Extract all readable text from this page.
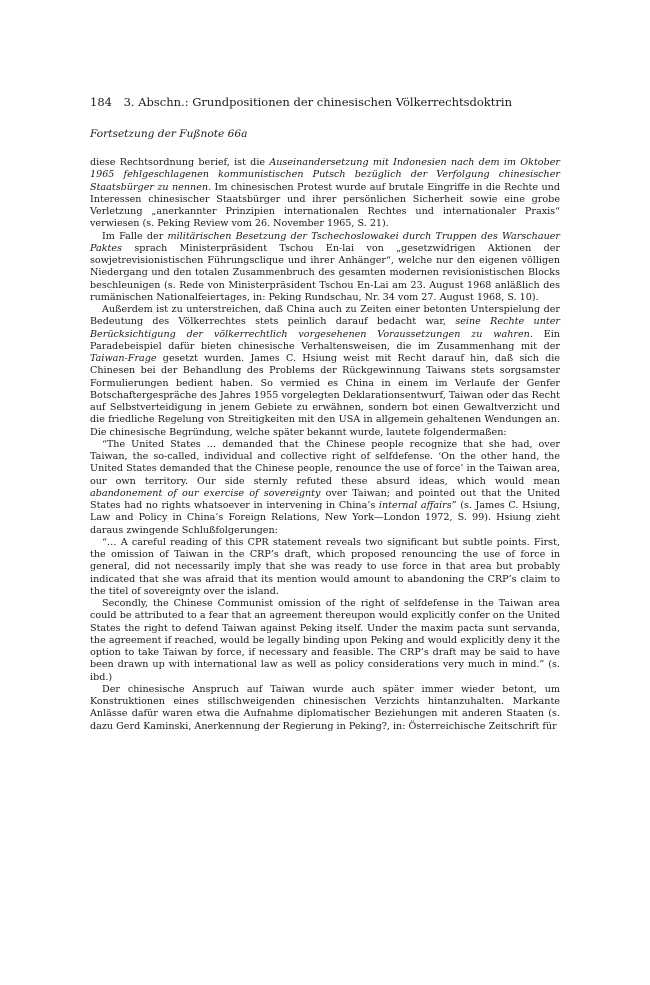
184 3. Abschn.: Grundpositionen der chinesischen Völkerrechtsdoktrin
Fortsetzung der Fußnote 66a

diese Rechtsordnung berief, ist die Auseinandersetzung mit Indonesien nach dem im Oktober 1965 fehlgeschlagenen kommunistischen Putsch bezüglich der Verfolgung chinesischer Staatsbürger zu nennen. Im chinesischen Protest wurde auf brutale Eingriffe in die Rechte und Interessen chinesischer Staatsbürger und ihrer persönlichen Sicherheit sowie eine grobe Verletzung „anerkannter Prinzipien internationalen Rechtes und internationaler Praxis“ verwiesen (s. Peking Review vom 26. November 1965, S. 21).

Im Falle der militärischen Besetzung der Tschechoslowakei durch Truppen des Warschauer Paktes sprach Ministerpräsident Tschou En-lai von „gesetzwidrigen Aktionen der sowjetrevisionistischen Führungsclique und ihrer Anhänger“, welche nur den eigenen völligen Niedergang und den totalen Zusammenbruch des gesamten modernen revisionistischen Blocks beschleunigen (s. Rede von Ministerpräsident Tschou En-Lai am 23. August 1968 anläßlich des rumänischen Nationalfeiertages, in: Peking Rundschau, Nr. 34 vom 27. August 1968, S. 10).

Außerdem ist zu unterstreichen, daß China auch zu Zeiten einer betonten Unterspielung der Bedeutung des Völkerrechtes stets peinlich darauf bedacht war, seine Rechte unter Berücksichtigung der völkerrechtlich vorgesehenen Voraussetzungen zu wahren. Ein Paradebeispiel dafür bieten chinesische Verhaltensweisen, die im Zusammenhang mit der Taiwan-Frage gesetzt wurden. James C. Hsiung weist mit Recht darauf hin, daß sich die Chinesen bei der Behandlung des Problems der Rückgewinnung Taiwans stets sorgsamster Formulierungen bedient haben. So vermied es China in einem im Verlaufe der Genfer Botschaftergespräche des Jahres 1955 vorgelegten Deklarationsentwurf, Taiwan oder das Recht auf Selbstverteidigung in jenem Gebiete zu erwähnen, sondern bot einen Gewaltverzicht und die friedliche Regelung von Streitigkeiten mit den USA in allgemein gehaltenen Wendungen an. Die chinesische Begründung, welche später bekannt wurde, lautete folgendermaßen:

“The United States … demanded that the Chinese people recognize that she had, over Taiwan, the so-called, individual and collective right of selfdefense. ‘On the other hand, the United States demanded that the Chinese people, renounce the use of force’ in the Taiwan area, our own territory. Our side sternly refuted these absurd ideas, which would mean abandonement of our exercise of sovereignty over Taiwan; and pointed out that the United States had no rights whatsoever in intervening in China’s internal affairs” (s. James C. Hsiung, Law and Policy in China’s Foreign Relations, New York—London 1972, S. 99). Hsiung zieht daraus zwingende Schlußfolgerungen:

“… A careful reading of this CPR statement reveals two significant but subtle points. First, the omission of Taiwan in the CRP’s draft, which proposed renouncing the use of force in general, did not necessarily imply that she was ready to use force in that area but probably indicated that she was afraid that its mention would amount to abandoning the CRP’s claim to the titel of sovereignty over the island.

Secondly, the Chinese Communist omission of the right of selfdefense in the Taiwan area could be attributed to a fear that an agreement thereupon would explicitly confer on the United States the right to defend Taiwan against Peking itself. Under the maxim pacta sunt servanda, the agreement if reached, would be legally binding upon Peking and would explicitly deny it the option to take Taiwan by force, if necessary and feasible. The CRP’s draft may be said to have been drawn up with international law as well as policy considerations very much in mind.” (s. ibd.)

Der chinesische Anspruch auf Taiwan wurde auch später immer wieder betont, um Konstruktionen eines stillschweigenden chinesischen Verzichts hintanzuhalten. Markante Anlässe dafür waren etwa die Aufnahme diplomatischer Beziehungen mit anderen Staaten (s. dazu Gerd Kaminski, Anerkennung der Regierung in Peking?, in: Österreichische Zeitschrift für
